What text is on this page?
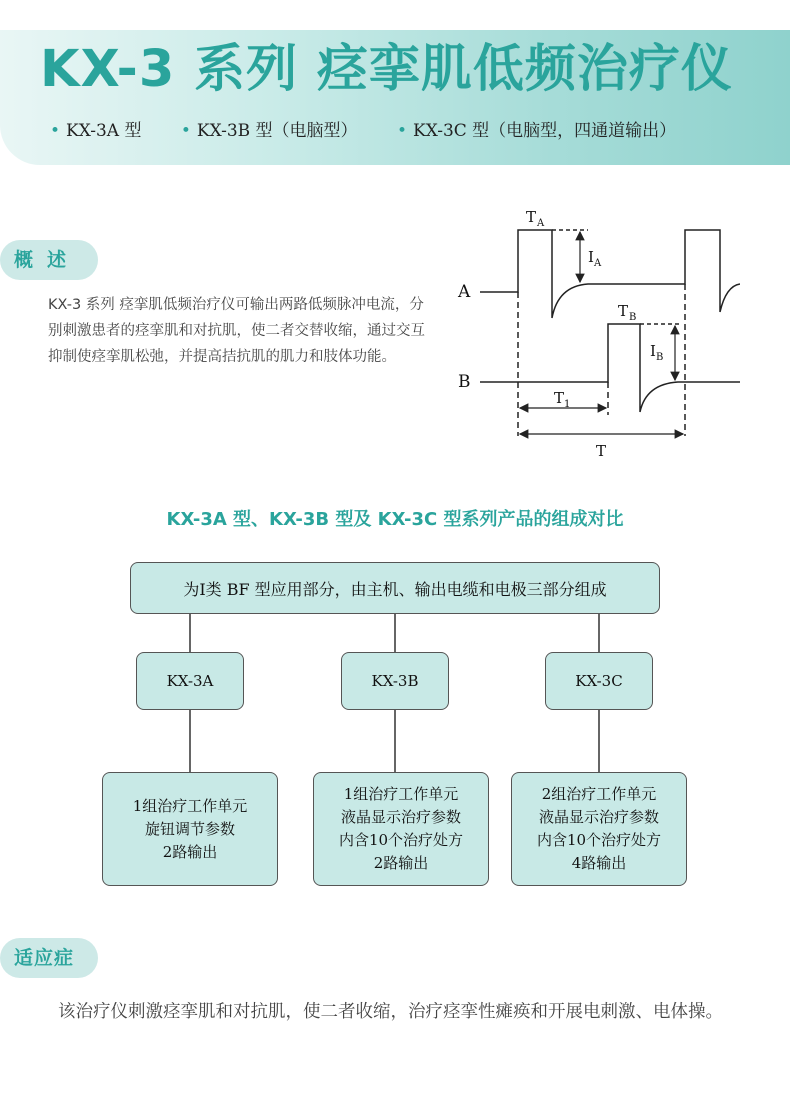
KX-3 系列 痉挛肌低频治疗仪
• KX-3A 型 • KX-3B 型（电脑型） • KX-3C 型（电脑型，四通道输出）
概述
KX-3 系列 痉挛肌低频治疗仪可输出两路低频脉冲电流，分别刺激患者的痉挛肌和对抗肌，使二者交替收缩，通过交互抑制使痉挛肌松弛，并提高拮抗肌的肌力和肢体功能。
A
B
T A
I A
T B
I B
T 1
T
KX-3A 型、KX-3B 型及 KX-3C 型系列产品的组成对比
为Ⅰ类 BF 型应用部分，由主机、输出电缆和电极三部分组成
KX-3A	KX-3B	KX-3C
1组治疗工作单元
旋钮调节参数
2路输出
1组治疗工作单元
液晶显示治疗参数
内含10个治疗处方
2路输出
2组治疗工作单元
液晶显示治疗参数
内含10个治疗处方
4路输出
适应症
该治疗仪刺激痉挛肌和对抗肌，使二者收缩，治疗痉挛性瘫痪和开展电刺激、电体操。
